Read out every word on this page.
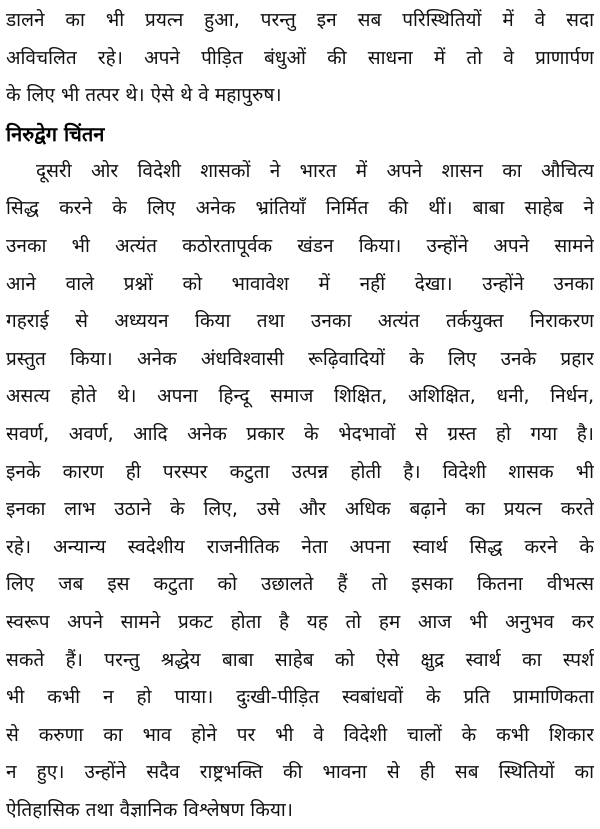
डालने का भी प्रयत्न हुआ, परन्तु इन सब परिस्थितियों में वे सदा
अविचलित रहे। अपने पीड़ित बंधुओं की साधना में तो वे प्राणार्पण
के लिए भी तत्पर थे। ऐसे थे वे महापुरुष।
निरुद्वेग चिंतन
दूसरी ओर विदेशी शासकों ने भारत में अपने शासन का औचित्य
सिद्ध करने के लिए अनेक भ्रांतियाँ निर्मित की थीं। बाबा साहेब ने
उनका भी अत्यंत कठोरतापूर्वक खंडन किया। उन्होंने अपने सामने
आने वाले प्रश्नों को भावावेश में नहीं देखा। उन्होंने उनका
गहराई से अध्ययन किया तथा उनका अत्यंत तर्कयुक्त निराकरण
प्रस्तुत किया। अनेक अंधविश्वासी रूढ़िवादियों के लिए उनके प्रहार
असत्य होते थे। अपना हिन्दू समाज शिक्षित, अशिक्षित, धनी, निर्धन,
सवर्ण, अवर्ण, आदि अनेक प्रकार के भेदभावों से ग्रस्त हो गया है।
इनके कारण ही परस्पर कटुता उत्पन्न होती है। विदेशी शासक भी
इनका लाभ उठाने के लिए, उसे और अधिक बढ़ाने का प्रयत्न करते
रहे। अन्यान्य स्वदेशीय राजनीतिक नेता अपना स्वार्थ सिद्ध करने के
लिए जब इस कटुता को उछालते हैं तो इसका कितना वीभत्स
स्वरूप अपने सामने प्रकट होता है यह तो हम आज भी अनुभव कर
सकते हैं। परन्तु श्रद्धेय बाबा साहेब को ऐसे क्षुद्र स्वार्थ का स्पर्श
भी कभी न हो पाया। दुःखी-पीड़ित स्वबांधवों के प्रति प्रामाणिकता
से करुणा का भाव होने पर भी वे विदेशी चालों के कभी शिकार
न हुए। उन्होंने सदैव राष्ट्रभक्ति की भावना से ही सब स्थितियों का
ऐतिहासिक तथा वैज्ञानिक विश्लेषण किया।
